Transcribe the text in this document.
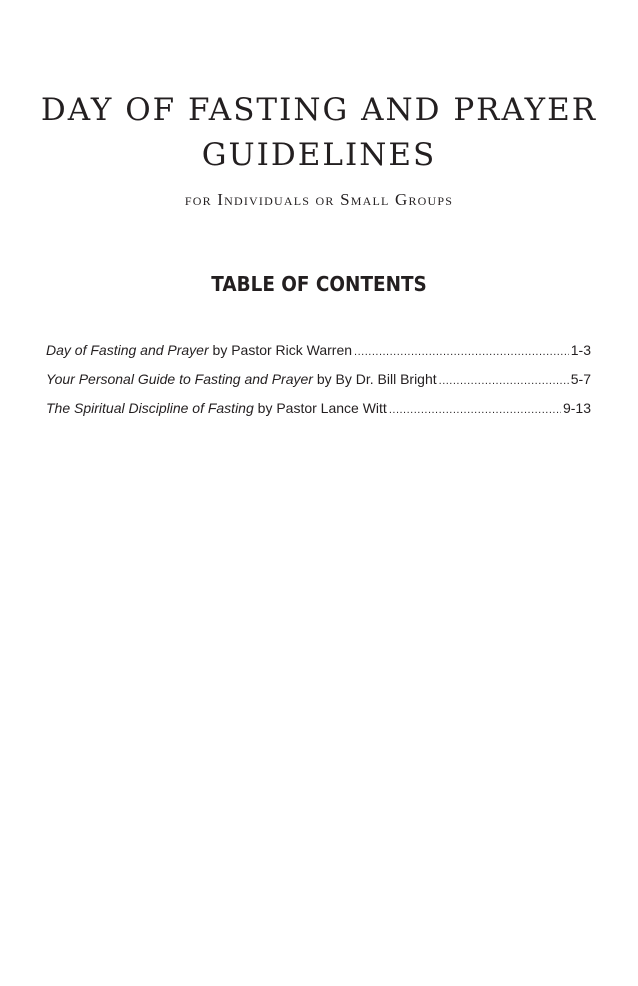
DAY OF FASTING AND PRAYER
GUIDELINES

for Individuals or Small Groups

TABLE OF CONTENTS
Day of Fasting and Prayer by Pastor Rick Warren .....	1-3
Your Personal Guide to Fasting and Prayer by By Dr. Bill Bright .....	5-7
The Spiritual Discipline of Fasting by Pastor Lance Witt .....	9-13
